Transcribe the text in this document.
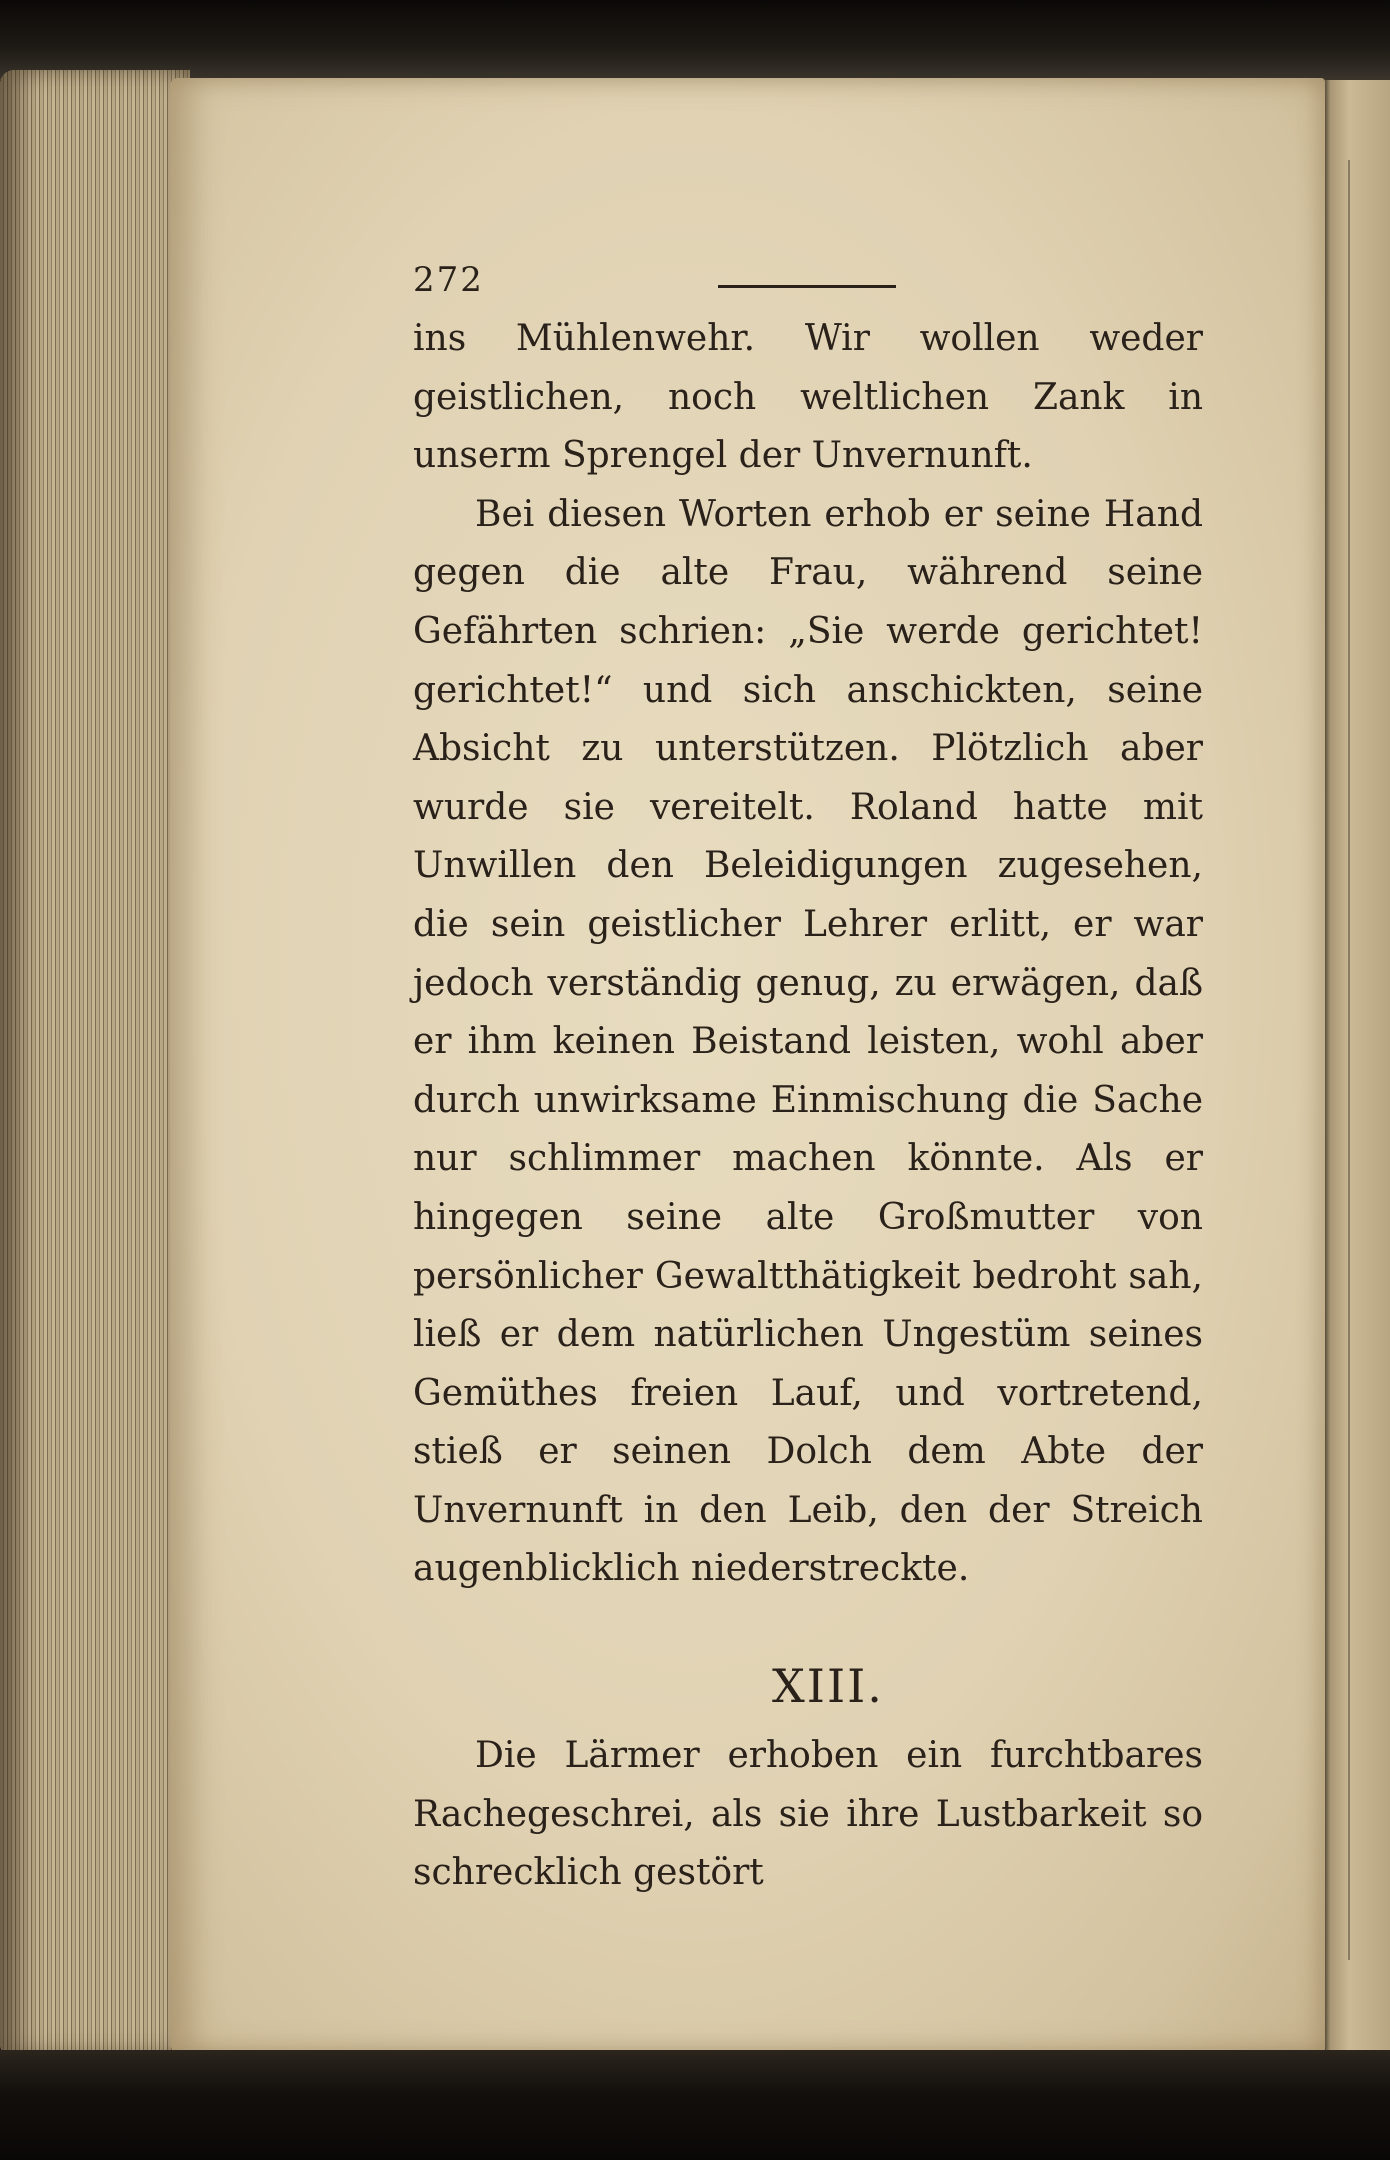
272

ins Mühlenwehr. Wir wollen weder geistlichen, noch weltlichen Zank in unserm Sprengel der Unvernunft.

Bei diesen Worten erhob er seine Hand gegen die alte Frau, während seine Gefährten schrien: „Sie werde gerichtet! gerichtet!“ und sich anschickten, seine Absicht zu unterstützen. Plötzlich aber wurde sie vereitelt. Roland hatte mit Unwillen den Beleidigungen zugesehen, die sein geistlicher Lehrer erlitt, er war jedoch verständig genug, zu erwägen, daß er ihm keinen Beistand leisten, wohl aber durch unwirksame Einmischung die Sache nur schlimmer machen könnte. Als er hingegen seine alte Großmutter von persönlicher Gewaltthätigkeit bedroht sah, ließ er dem natürlichen Ungestüm seines Gemüthes freien Lauf, und vortretend, stieß er seinen Dolch dem Abte der Unvernunft in den Leib, den der Streich augenblicklich niederstreckte.

XIII.

Die Lärmer erhoben ein furchtbares Rachegeschrei, als sie ihre Lustbarkeit so schrecklich gestört
